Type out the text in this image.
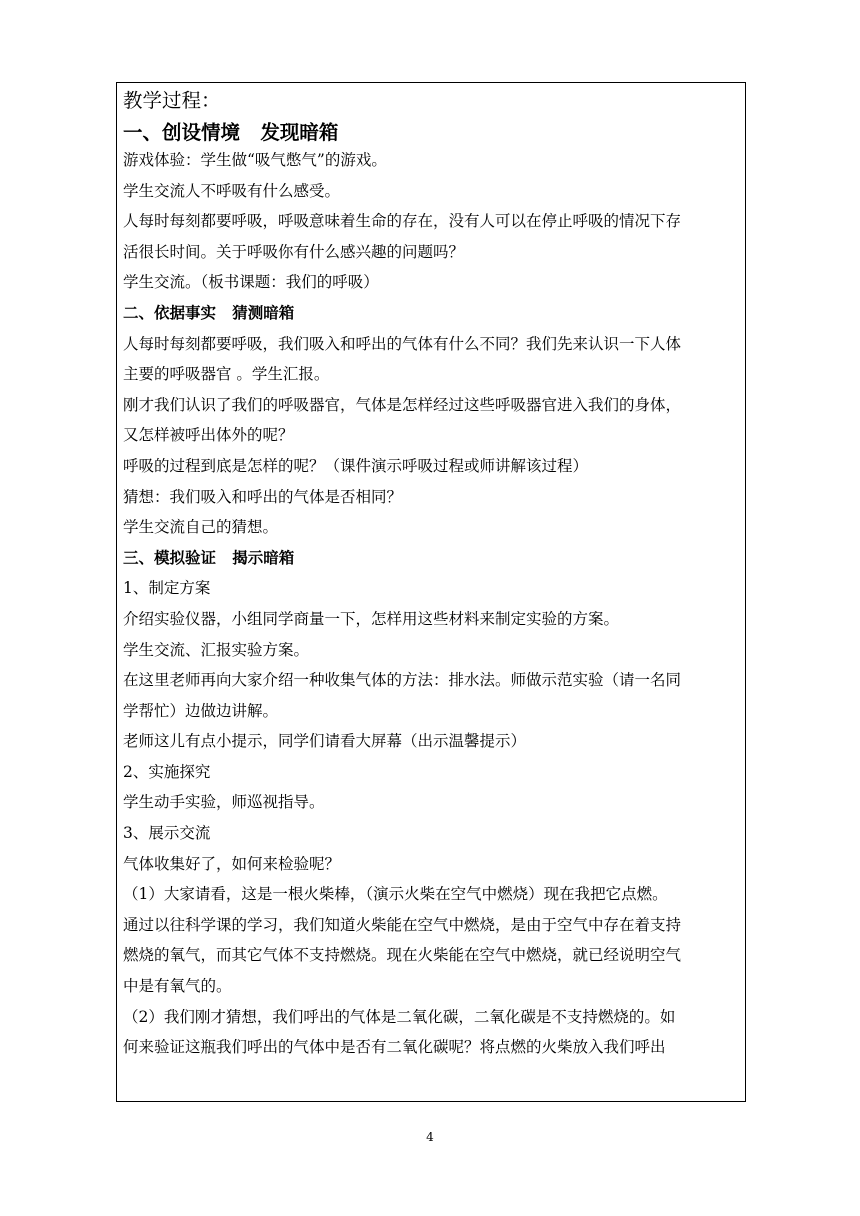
教学过程：
一、创设情境   发现暗箱
游戏体验：学生做“吸气憋气”的游戏。
学生交流人不呼吸有什么感受。
人每时每刻都要呼吸，呼吸意味着生命的存在，没有人可以在停止呼吸的情况下存
活很长时间。关于呼吸你有什么感兴趣的问题吗？
学生交流。（板书课题：我们的呼吸）
二、依据事实   猜测暗箱
人每时每刻都要呼吸，我们吸入和呼出的气体有什么不同？我们先来认识一下人体
主要的呼吸器官 。学生汇报。
刚才我们认识了我们的呼吸器官，气体是怎样经过这些呼吸器官进入我们的身体，
又怎样被呼出体外的呢？
呼吸的过程到底是怎样的呢？（课件演示呼吸过程或师讲解该过程）
猜想：我们吸入和呼出的气体是否相同？
学生交流自己的猜想。
三、模拟验证   揭示暗箱
1、制定方案
介绍实验仪器，小组同学商量一下，怎样用这些材料来制定实验的方案。
学生交流、汇报实验方案。
在这里老师再向大家介绍一种收集气体的方法：排水法。师做示范实验（请一名同
学帮忙）边做边讲解。
老师这儿有点小提示，同学们请看大屏幕（出示温馨提示）
2、实施探究
学生动手实验，师巡视指导。
3、展示交流
气体收集好了，如何来检验呢？
（1）大家请看，这是一根火柴棒，（演示火柴在空气中燃烧）现在我把它点燃。
通过以往科学课的学习，我们知道火柴能在空气中燃烧，是由于空气中存在着支持
燃烧的氧气，而其它气体不支持燃烧。现在火柴能在空气中燃烧，就已经说明空气
中是有氧气的。
（2）我们刚才猜想，我们呼出的气体是二氧化碳，二氧化碳是不支持燃烧的。如
何来验证这瓶我们呼出的气体中是否有二氧化碳呢？将点燃的火柴放入我们呼出
4
